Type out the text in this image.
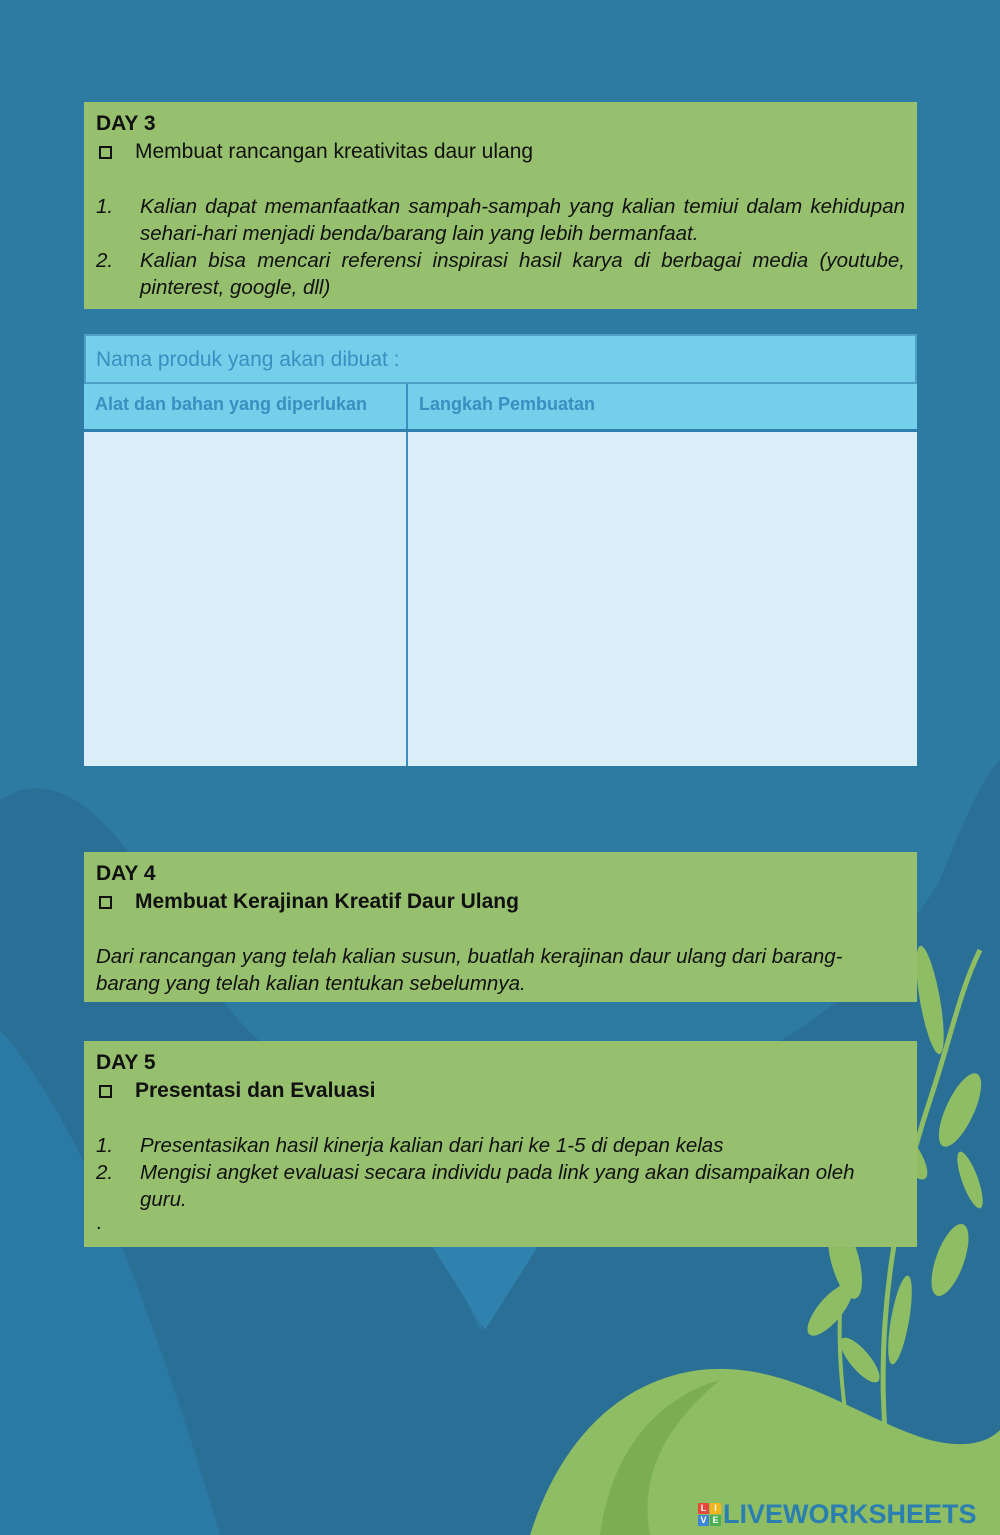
DAY 3
Membuat rancangan kreativitas daur ulang
1.	Kalian dapat memanfaatkan sampah-sampah yang kalian temiui dalam kehidupan sehari-hari menjadi benda/barang lain yang lebih bermanfaat.
2.	Kalian bisa mencari referensi inspirasi hasil karya di berbagai media (youtube, pinterest, google, dll)
Nama produk yang akan dibuat :
Alat dan bahan yang diperlukan	Langkah Pembuatan
DAY 4
Membuat Kerajinan Kreatif Daur Ulang
Dari rancangan yang telah kalian susun, buatlah kerajinan daur ulang dari barang-barang yang telah kalian tentukan sebelumnya.
DAY 5
Presentasi dan Evaluasi
1.	Presentasikan hasil kinerja kalian dari hari ke 1-5 di depan kelas
2.	Mengisi angket evaluasi secara individu pada link yang akan disampaikan oleh guru.
.
L I
V E LIVEWORKSHEETS
